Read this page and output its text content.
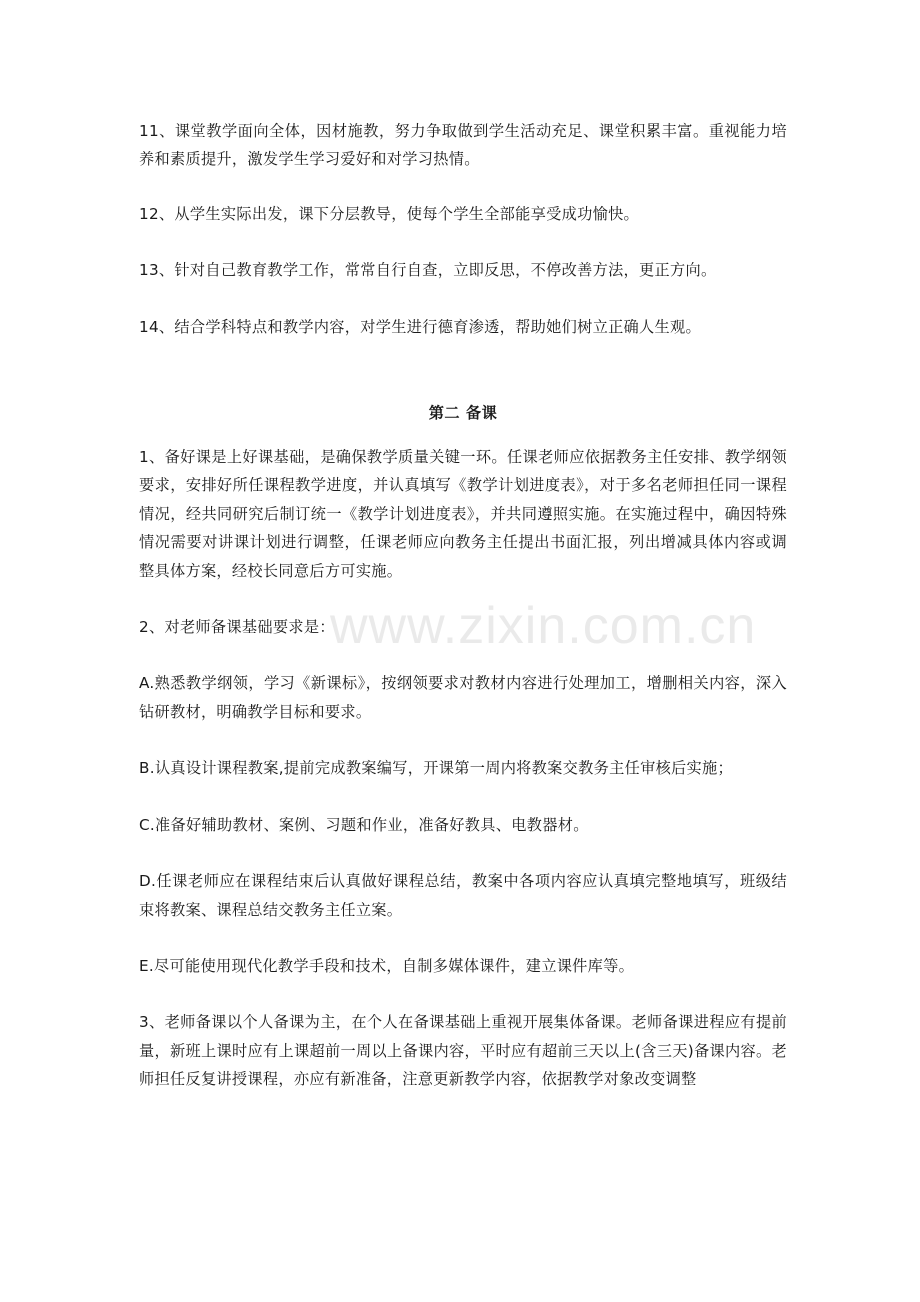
11、课堂教学面向全体，因材施教，努力争取做到学生活动充足、课堂积累丰富。重视能力培养和素质提升，激发学生学习爱好和对学习热情。

12、从学生实际出发，课下分层教导，使每个学生全部能享受成功愉快。

13、针对自己教育教学工作，常常自行自查，立即反思，不停改善方法，更正方向。

14、结合学科特点和教学内容，对学生进行德育渗透，帮助她们树立正确人生观。

第二 备课

1、备好课是上好课基础，是确保教学质量关键一环。任课老师应依据教务主任安排、教学纲领要求，安排好所任课程教学进度，并认真填写《教学计划进度表》，对于多名老师担任同一课程情况，经共同研究后制订统一《教学计划进度表》，并共同遵照实施。在实施过程中，确因特殊情况需要对讲课计划进行调整，任课老师应向教务主任提出书面汇报，列出增减具体内容或调整具体方案，经校长同意后方可实施。

2、对老师备课基础要求是：

A.熟悉教学纲领，学习《新课标》，按纲领要求对教材内容进行处理加工，增删相关内容，深入钻研教材，明确教学目标和要求。

B.认真设计课程教案,提前完成教案编写，开课第一周内将教案交教务主任审核后实施；

C.准备好辅助教材、案例、习题和作业，准备好教具、电教器材。

D.任课老师应在课程结束后认真做好课程总结，教案中各项内容应认真填完整地填写，班级结束将教案、课程总结交教务主任立案。

E.尽可能使用现代化教学手段和技术，自制多媒体课件，建立课件库等。

3、老师备课以个人备课为主，在个人在备课基础上重视开展集体备课。老师备课进程应有提前量，新班上课时应有上课超前一周以上备课内容，平时应有超前三天以上(含三天)备课内容。老师担任反复讲授课程，亦应有新准备，注意更新教学内容，依据教学对象改变调整

www.zixin.com.cn
